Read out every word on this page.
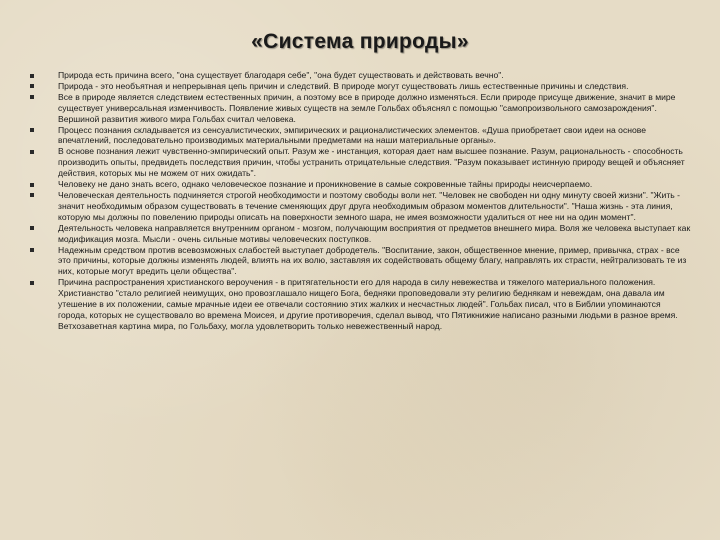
«Система природы»
Природа есть причина всего, "она существует благодаря себе", "она будет существовать и действовать вечно".
Природа - это необъятная и непрерывная цепь причин и следствий. В природе могут существовать лишь естественные причины и следствия.
Все в природе является следствием естественных причин, а поэтому все в природе должно изменяться. Если природе присуще движение, значит в мире существует универсальная изменчивость. Появление живых существ на земле Гольбах объяснял с помощью "самопроизвольного самозарождения". Вершиной развития живого мира Гольбах считал человека.
Процесс познания складывается из сенсуалистических, эмпирических и рационалистических элементов. «Душа приобретает свои идеи на основе впечатлений, последовательно производимых материальными предметами на наши материальные органы».
В основе познания лежит чувственно-эмпирический опыт. Разум же - инстанция, которая дает нам высшее познание. Разум, рациональность - способность производить опыты, предвидеть последствия причин, чтобы устранить отрицательные следствия. "Разум показывает истинную природу вещей и объясняет действия, которых мы не можем от них ожидать".
Человеку не дано знать всего, однако человеческое познание и проникновение в самые сокровенные тайны природы неисчерпаемо.
Человеческая деятельность подчиняется строгой необходимости и поэтому свободы воли нет. "Человек не свободен ни одну минуту своей жизни". "Жить - значит необходимым образом существовать в течение сменяющих друг друга необходимым образом моментов длительности". "Наша жизнь - эта линия, которую мы должны по повелению природы описать на поверхности земного шара, не имея возможности удалиться от нее ни на один момент".
Деятельность человека направляется внутренним органом - мозгом, получающим восприятия от предметов внешнего мира. Воля же человека выступает как модификация мозга. Мысли - очень сильные мотивы человеческих поступков.
Надежным средством против всевозможных слабостей выступает добродетель. "Воспитание, закон, общественное мнение, пример, привычка, страх - все это причины, которые должны изменять людей, влиять на их волю, заставляя их содействовать общему благу, направлять их страсти, нейтрализовать те из них, которые могут вредить цели общества".
Причина распространения христианского вероучения - в притягательности его для народа в силу невежества и тяжелого материального положения. Христианство "стало религией неимущих, оно провозглашало нищего Бога, бедняки проповедовали эту религию беднякам и невеждам, она давала им утешение в их положении, самые мрачные идеи ее отвечали состоянию этих жалких и несчастных людей". Гольбах писал, что в Библии упоминаются города, которых не существовало во времена Моисея, и другие противоречия, сделал вывод, что Пятикнижие написано разными людьми в разное время. Ветхозаветная картина мира, по Гольбаху, могла удовлетворить только невежественный народ.
